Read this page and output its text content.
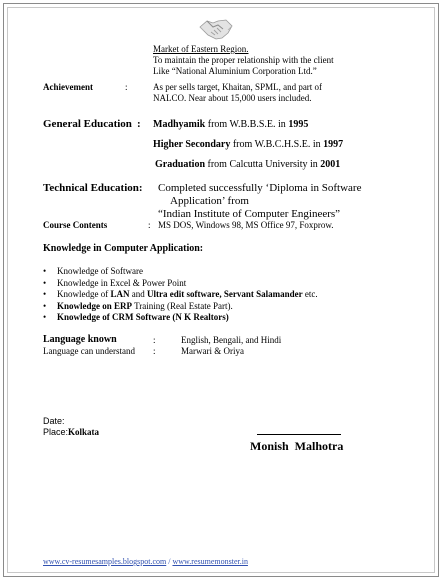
Market of Eastern Region.
To maintain the proper relationship with the client
Like “National Aluminium Corporation Ltd.”
Achievement	:	As per sells target, Khaitan, SPML, and part of
NALCO. Near about 15,000 users included.
General Education : Madhyamik from W.B.B.S.E. in 1995
Higher Secondary from W.B.C.H.S.E. in 1997
Graduation from Calcutta University in 2001
Technical Education: Completed successfully ‘Diploma in Software
Application’ from
“Indian Institute of Computer Engineers”
Course Contents	: MS DOS, Windows 98, MS Office 97, Foxprow.
Knowledge in Computer Application:
• Knowledge of Software
• Knowledge in Excel & Power Point
• Knowledge of LAN and Ultra edit software, Servant Salamander etc.
• Knowledge on ERP Training (Real Estate Part).
• Knowledge of CRM Software (N K Realtors)
Language known	:	English, Bengali, and Hindi
Language can understand :	Marwari & Oriya
Date:
Place:Kolkata
Monish  Malhotra
www.cv-resumesamples.blogspot.com / www.resumemonster.in
